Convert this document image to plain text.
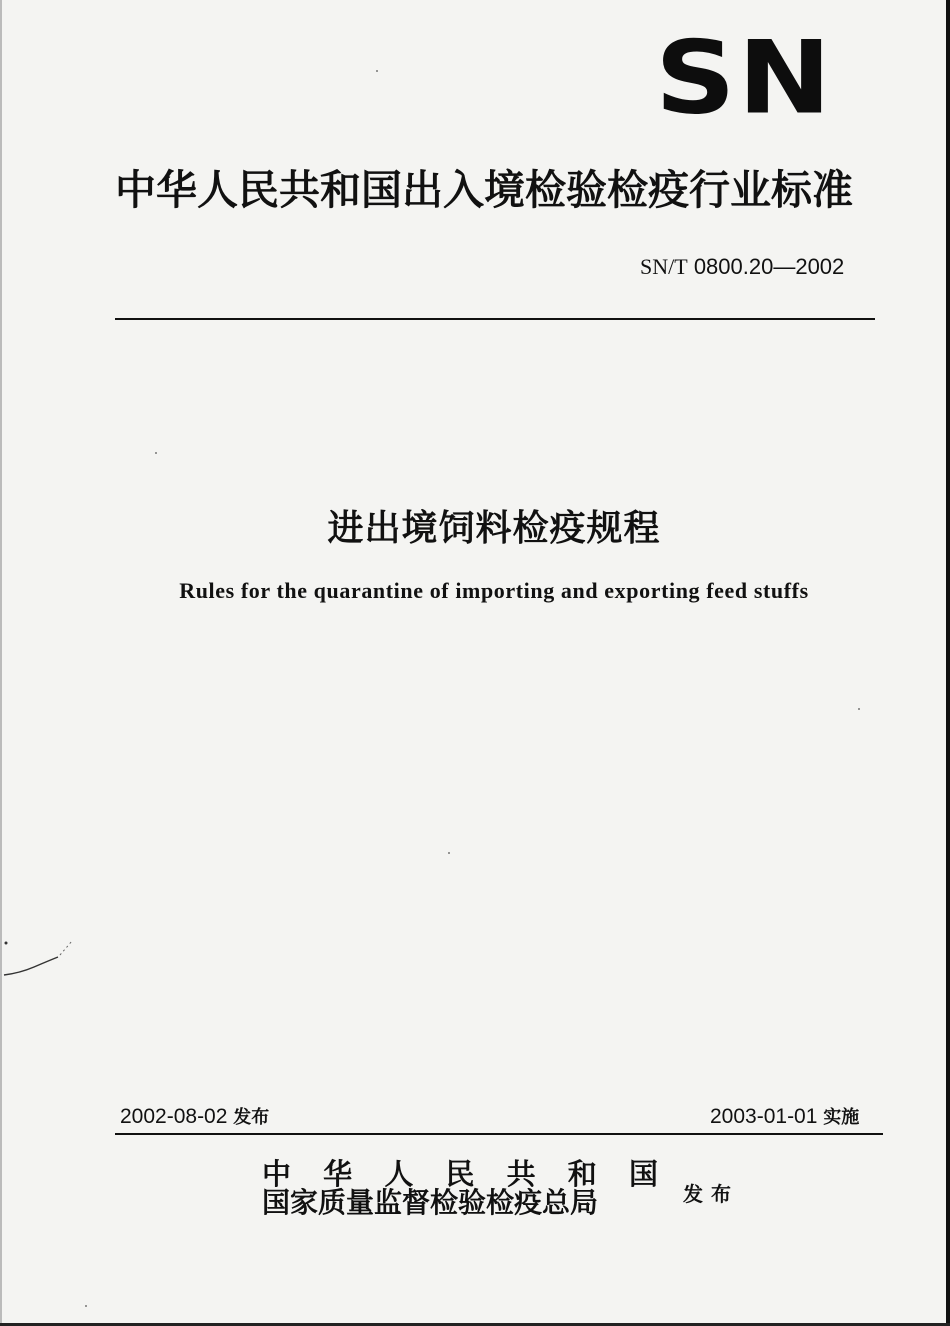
SN
中华人民共和国出入境检验检疫行业标准
SN/T 0800.20—2002
进出境饲料检疫规程
Rules for the quarantine of importing and exporting feed stuffs
2002-08-02 发布	2003-01-01 实施
中 华 人 民 共 和 国
国家质量监督检验检疫总局	发布
